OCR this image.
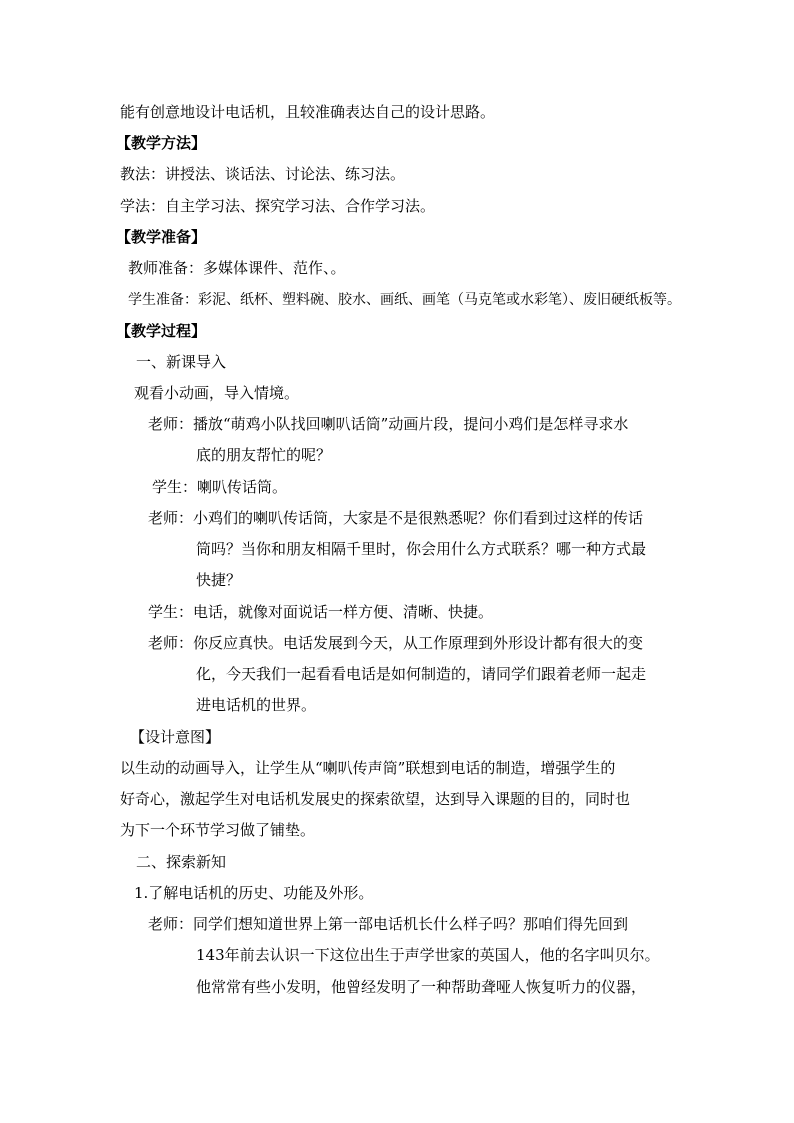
能有创意地设计电话机，且较准确表达自己的设计思路。
【教学方法】
教法：讲授法、谈话法、讨论法、练习法。
学法：自主学习法、探究学习法、合作学习法。
【教学准备】
教师准备：多媒体课件、范作、。
学生准备：彩泥、纸杯、塑料碗、胶水、画纸、画笔（马克笔或水彩笔）、废旧硬纸板等。
【教学过程】
一、新课导入
观看小动画，导入情境。
老师：播放“萌鸡小队找回喇叭话筒”动画片段，提问小鸡们是怎样寻求水
底的朋友帮忙的呢？
学生：喇叭传话筒。
老师：小鸡们的喇叭传话筒，大家是不是很熟悉呢？你们看到过这样的传话
筒吗？当你和朋友相隔千里时，你会用什么方式联系？哪一种方式最
快捷？
学生：电话，就像对面说话一样方便、清晰、快捷。
老师：你反应真快。电话发展到今天，从工作原理到外形设计都有很大的变
化，今天我们一起看看电话是如何制造的，请同学们跟着老师一起走
进电话机的世界。
【设计意图】
以生动的动画导入，让学生从“喇叭传声筒”联想到电话的制造，增强学生的
好奇心，激起学生对电话机发展史的探索欲望，达到导入课题的目的，同时也
为下一个环节学习做了铺垫。
二、探索新知
1.了解电话机的历史、功能及外形。
老师：同学们想知道世界上第一部电话机长什么样子吗？那咱们得先回到
143年前去认识一下这位出生于声学世家的英国人，他的名字叫贝尔。
他常常有些小发明，他曾经发明了一种帮助聋哑人恢复听力的仪器，
